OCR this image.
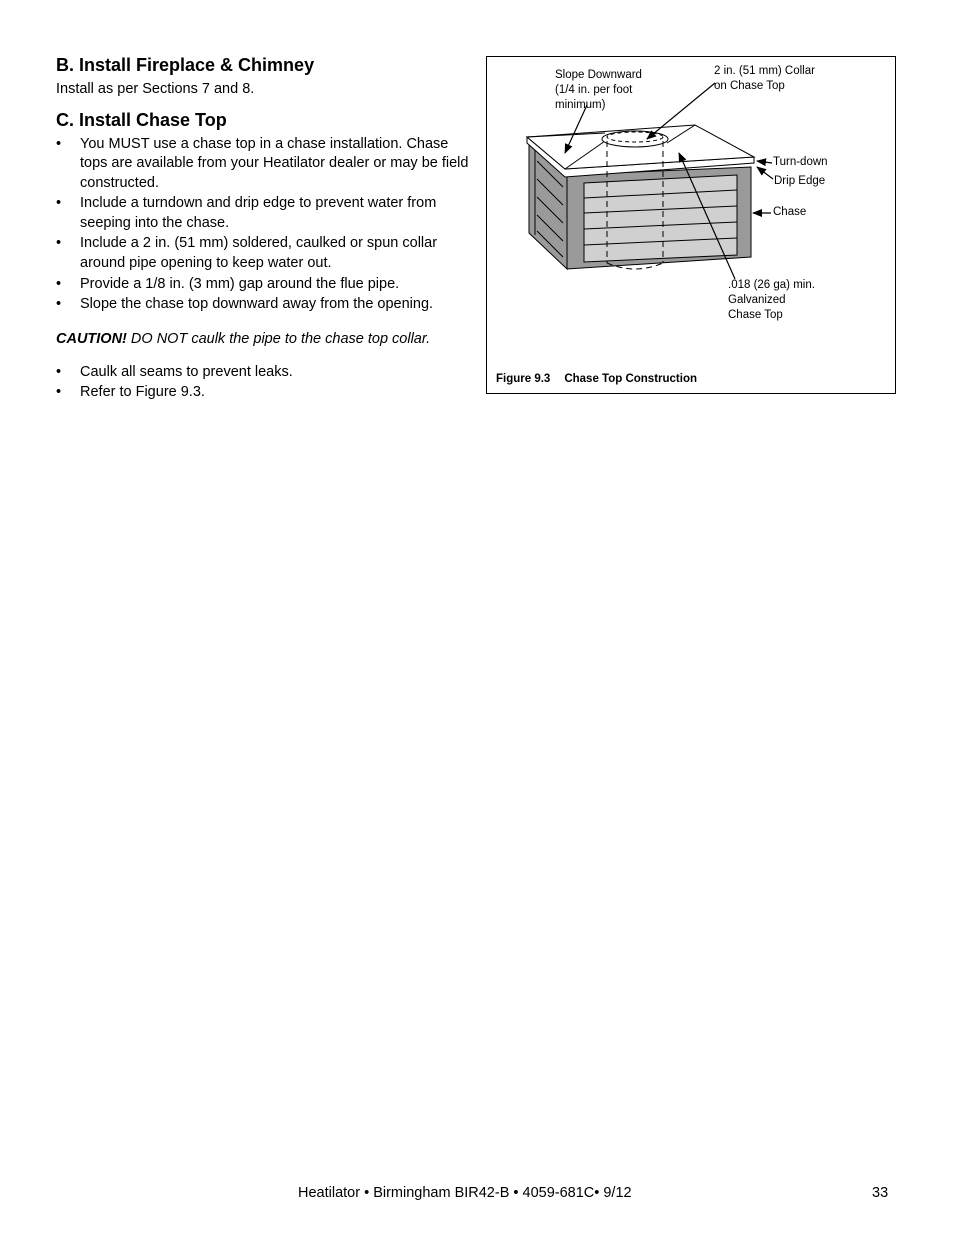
B. Install Fireplace & Chimney

Install as per Sections 7 and 8.

C. Install Chase Top
• You MUST use a chase top in a chase installation. Chase tops are available from your Heatilator dealer or may be field constructed.
• Include a turndown and drip edge to prevent water from seeping into the chase.
• Include a 2 in. (51 mm) soldered, caulked or spun collar around pipe opening to keep water out.
• Provide a 1/8 in. (3 mm) gap around the flue pipe.
• Slope the chase top downward away from the opening.

CAUTION! DO NOT caulk the pipe to the chase top collar.

• Caulk all seams to prevent leaks.
• Refer to Figure 9.3.
Slope Downward
(1/4 in. per foot
minimum)
2 in. (51 mm) Collar
on Chase Top
Turn-down
Drip Edge
Chase
.018 (26 ga) min.
Galvanized
Chase Top
Figure 9.3 Chase Top Construction
Heatilator • Birmingham BIR42-B • 4059-681C• 9/12	33
